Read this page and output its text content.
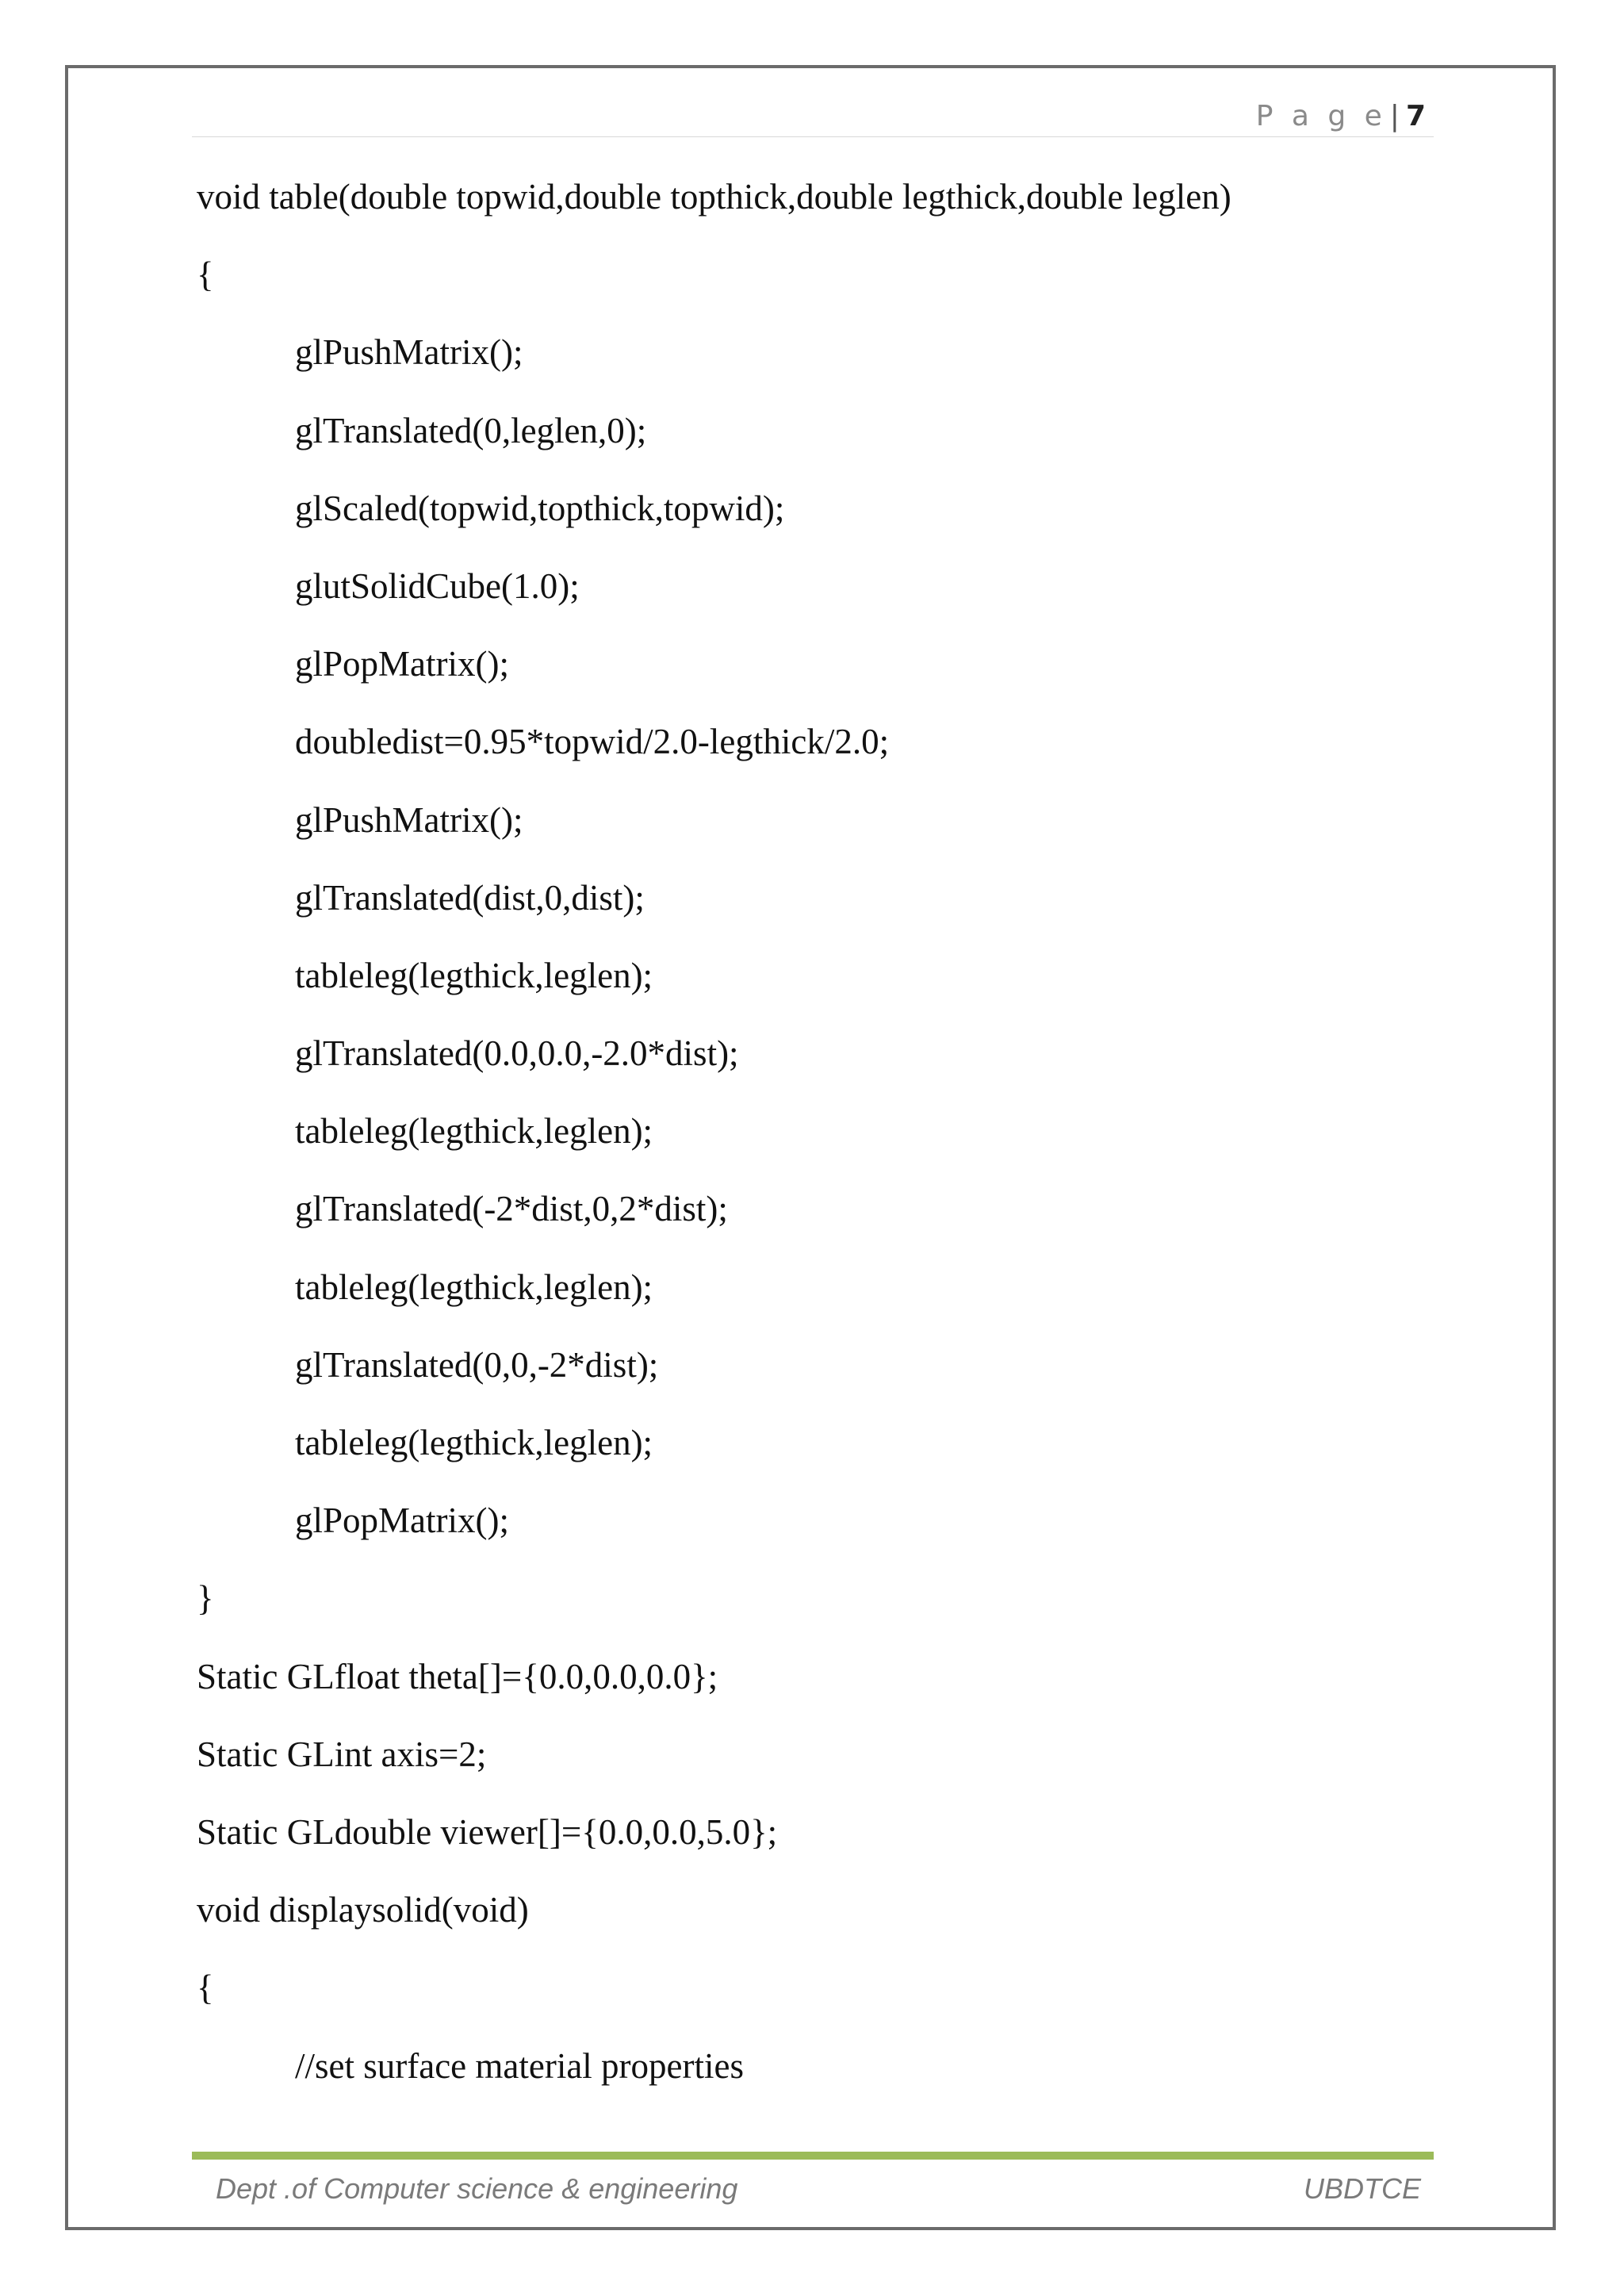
P a g e | 7
void table(double topwid,double topthick,double legthick,double leglen)
{
glPushMatrix();
glTranslated(0,leglen,0);
glScaled(topwid,topthick,topwid);
glutSolidCube(1.0);
glPopMatrix();
doubledist=0.95*topwid/2.0-legthick/2.0;
glPushMatrix();
glTranslated(dist,0,dist);
tableleg(legthick,leglen);
glTranslated(0.0,0.0,-2.0*dist);
tableleg(legthick,leglen);
glTranslated(-2*dist,0,2*dist);
tableleg(legthick,leglen);
glTranslated(0,0,-2*dist);
tableleg(legthick,leglen);
glPopMatrix();
}
Static GLfloat theta[]={0.0,0.0,0.0};
Static GLint axis=2;
Static GLdouble viewer[]={0.0,0.0,5.0};
void displaysolid(void)
{
//set surface material properties
Dept .of Computer science & engineering	UBDTCE
